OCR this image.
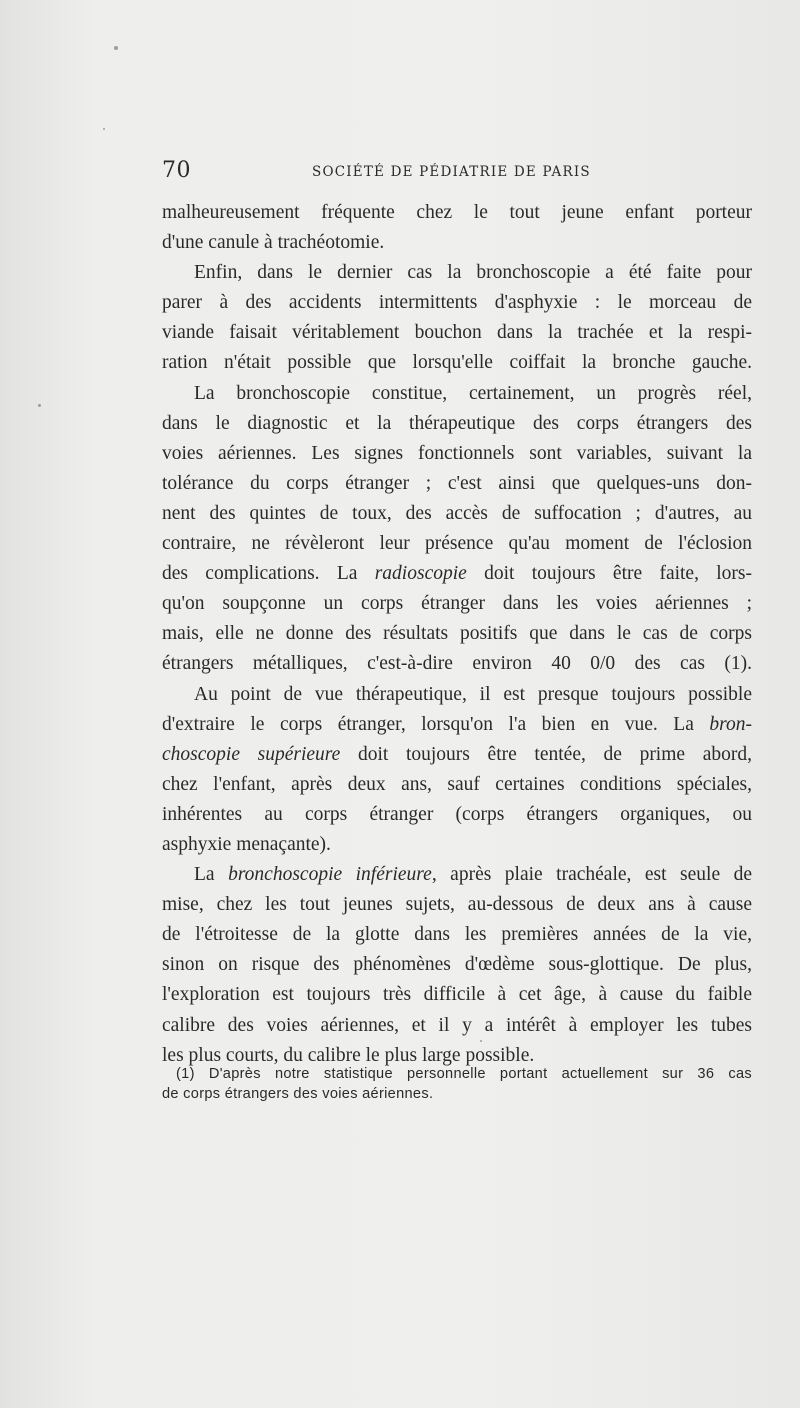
70	SOCIÉTÉ DE PÉDIATRIE DE PARIS
malheureusement fréquente chez le tout jeune enfant porteur
d'une canule à trachéotomie.
Enfin, dans le dernier cas la bronchoscopie a été faite pour
parer à des accidents intermittents d'asphyxie : le morceau de
viande faisait véritablement bouchon dans la trachée et la respi-
ration n'était possible que lorsqu'elle coiffait la bronche gauche.
La bronchoscopie constitue, certainement, un progrès réel,
dans le diagnostic et la thérapeutique des corps étrangers des
voies aériennes. Les signes fonctionnels sont variables, suivant la
tolérance du corps étranger ; c'est ainsi que quelques-uns don-
nent des quintes de toux, des accès de suffocation ; d'autres, au
contraire, ne révèleront leur présence qu'au moment de l'éclosion
des complications. La radioscopie doit toujours être faite, lors-
qu'on soupçonne un corps étranger dans les voies aériennes ;
mais, elle ne donne des résultats positifs que dans le cas de corps
étrangers métalliques, c'est-à-dire environ 40 0/0 des cas (1).
Au point de vue thérapeutique, il est presque toujours possible
d'extraire le corps étranger, lorsqu'on l'a bien en vue. La bron-
choscopie supérieure doit toujours être tentée, de prime abord,
chez l'enfant, après deux ans, sauf certaines conditions spéciales,
inhérentes au corps étranger (corps étrangers organiques, ou
asphyxie menaçante).
La bronchoscopie inférieure, après plaie trachéale, est seule de
mise, chez les tout jeunes sujets, au-dessous de deux ans à cause
de l'étroitesse de la glotte dans les premières années de la vie,
sinon on risque des phénomènes d'œdème sous-glottique. De plus,
l'exploration est toujours très difficile à cet âge, à cause du faible
calibre des voies aériennes, et il y a intérêt à employer les tubes
les plus courts, du calibre le plus large possible.
(1) D'après notre statistique personnelle portant actuellement sur 36 cas
de corps étrangers des voies aériennes.
